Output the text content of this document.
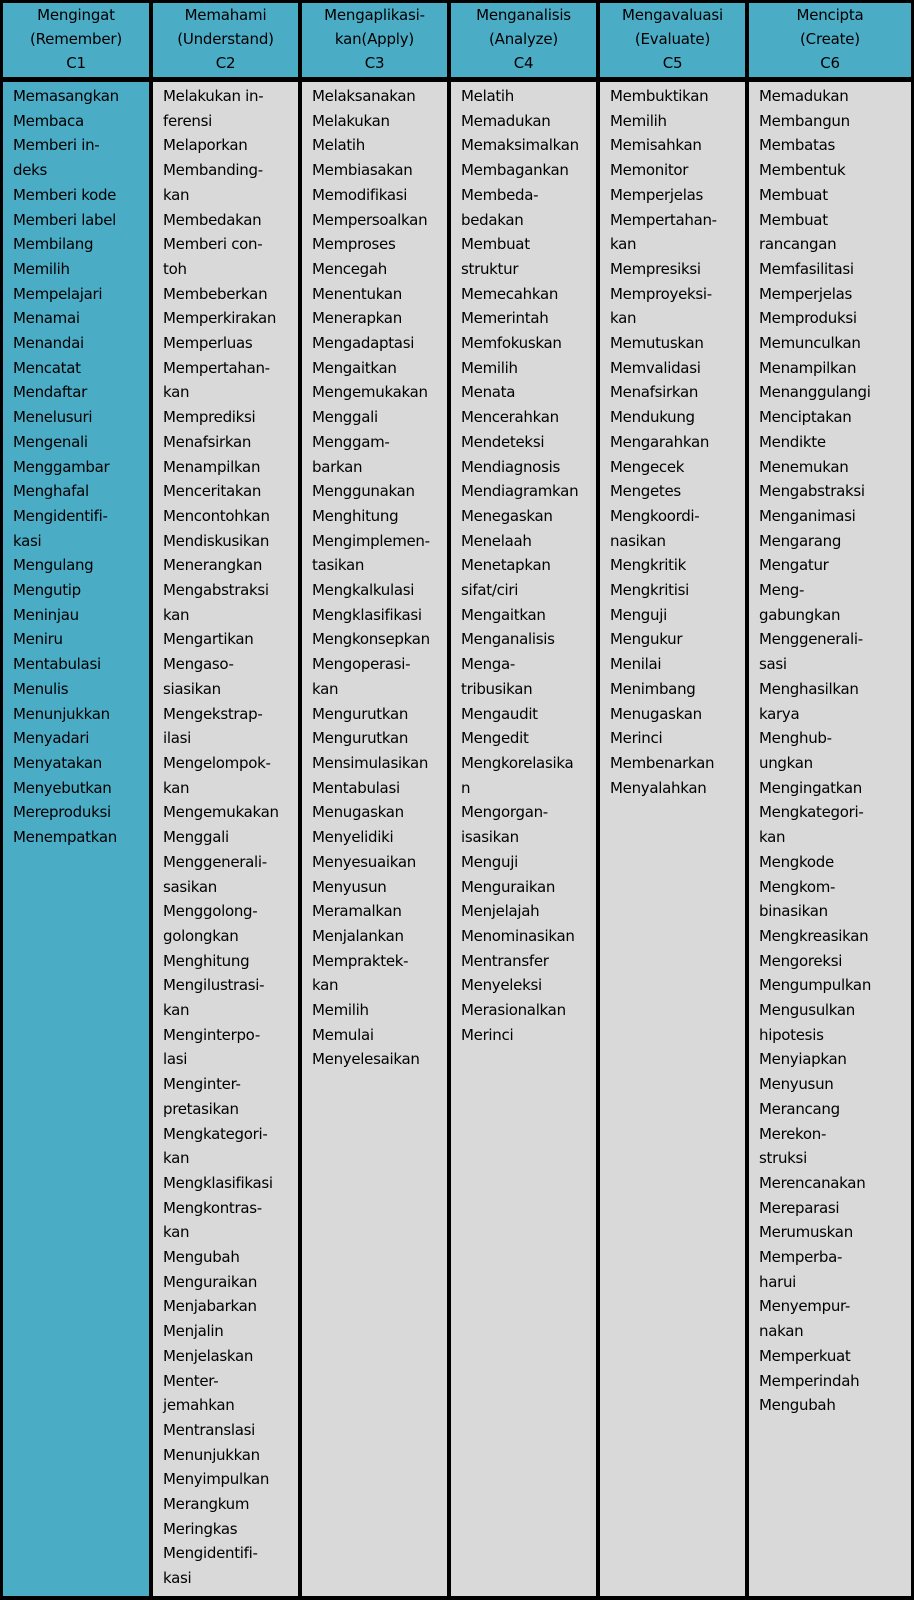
Mengingat
(Remember)
C1
Memahami
(Understand)
C2
Mengaplikasi-
kan(Apply)
C3
Menganalisis
(Analyze)
C4
Mengavaluasi
(Evaluate)
C5
Mencipta
(Create)
C6
Memasangkan
Membaca
Memberi in-
deks
Memberi kode
Memberi label
Membilang
Memilih
Mempelajari
Menamai
Menandai
Mencatat
Mendaftar
Menelusuri
Mengenali
Menggambar
Menghafal
Mengidentifi-
kasi
Mengulang
Mengutip
Meninjau
Meniru
Mentabulasi
Menulis
Menunjukkan
Menyadari
Menyatakan
Menyebutkan
Mereproduksi
Menempatkan
Melakukan in-
ferensi
Melaporkan
Membanding-
kan
Membedakan
Memberi con-
toh
Membeberkan
Memperkirakan
Memperluas
Mempertahan-
kan
Memprediksi
Menafsirkan
Menampilkan
Menceritakan
Mencontohkan
Mendiskusikan
Menerangkan
Mengabstraksi
kan
Mengartikan
Mengaso-
siasikan
Mengekstrap-
ilasi
Mengelompok-
kan
Mengemukakan
Menggali
Menggenerali-
sasikan
Menggolong-
golongkan
Menghitung
Mengilustrasi-
kan
Menginterpo-
lasi
Menginter-
pretasikan
Mengkategori-
kan
Mengklasifikasi
Mengkontras-
kan
Mengubah
Menguraikan
Menjabarkan
Menjalin
Menjelaskan
Menter-
jemahkan
Mentranslasi
Menunjukkan
Menyimpulkan
Merangkum
Meringkas
Mengidentifi-
kasi
Melaksanakan
Melakukan
Melatih
Membiasakan
Memodifikasi
Mempersoalkan
Memproses
Mencegah
Menentukan
Menerapkan
Mengadaptasi
Mengaitkan
Mengemukakan
Menggali
Menggam-
barkan
Menggunakan
Menghitung
Mengimplemen-
tasikan
Mengkalkulasi
Mengklasifikasi
Mengkonsepkan
Mengoperasi-
kan
Mengurutkan
Mengurutkan
Mensimulasikan
Mentabulasi
Menugaskan
Menyelidiki
Menyesuaikan
Menyusun
Meramalkan
Menjalankan
Mempraktek-
kan
Memilih
Memulai
Menyelesaikan
Melatih
Memadukan
Memaksimalkan
Membagankan
Membeda-
bedakan
Membuat
struktur
Memecahkan
Memerintah
Memfokuskan
Memilih
Menata
Mencerahkan
Mendeteksi
Mendiagnosis
Mendiagramkan
Menegaskan
Menelaah
Menetapkan
sifat/ciri
Mengaitkan
Menganalisis
Menga-
tribusikan
Mengaudit
Mengedit
Mengkorelasika
n
Mengorgan-
isasikan
Menguji
Menguraikan
Menjelajah
Menominasikan
Mentransfer
Menyeleksi
Merasionalkan
Merinci
Membuktikan
Memilih
Memisahkan
Memonitor
Memperjelas
Mempertahan-
kan
Mempresiksi
Memproyeksi-
kan
Memutuskan
Memvalidasi
Menafsirkan
Mendukung
Mengarahkan
Mengecek
Mengetes
Mengkoordi-
nasikan
Mengkritik
Mengkritisi
Menguji
Mengukur
Menilai
Menimbang
Menugaskan
Merinci
Membenarkan
Menyalahkan
Memadukan
Membangun
Membatas
Membentuk
Membuat
Membuat
rancangan
Memfasilitasi
Memperjelas
Memproduksi
Memunculkan
Menampilkan
Menanggulangi
Menciptakan
Mendikte
Menemukan
Mengabstraksi
Menganimasi
Mengarang
Mengatur
Meng-
gabungkan
Menggenerali-
sasi
Menghasilkan
karya
Menghub-
ungkan
Mengingatkan
Mengkategori-
kan
Mengkode
Mengkom-
binasikan
Mengkreasikan
Mengoreksi
Mengumpulkan
Mengusulkan
hipotesis
Menyiapkan
Menyusun
Merancang
Merekon-
struksi
Merencanakan
Mereparasi
Merumuskan
Memperba-
harui
Menyempur-
nakan
Memperkuat
Memperindah
Mengubah
